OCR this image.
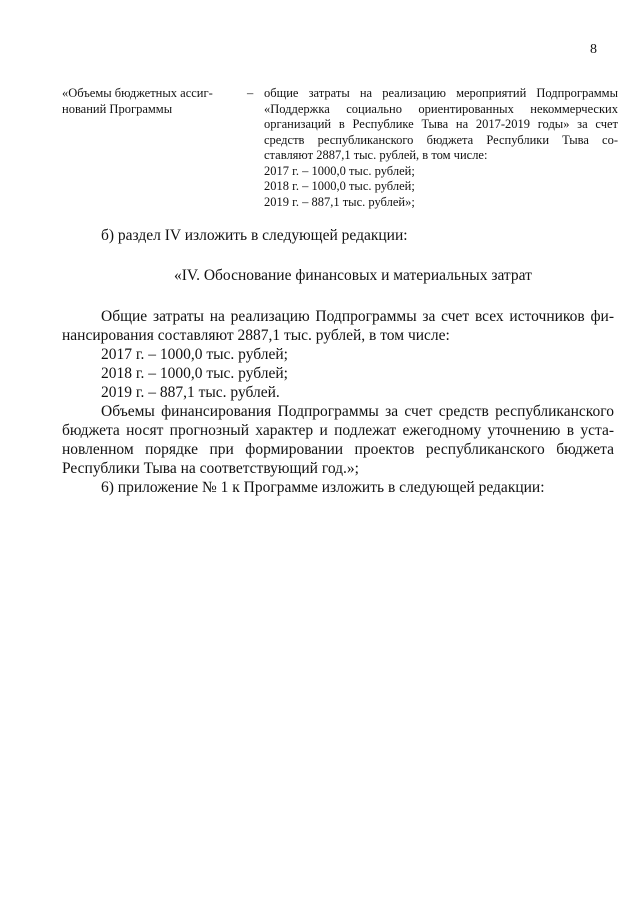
8
«Объемы бюджетных ассиг-
нований Программы
– общие затраты на реализацию мероприятий Подпрограммы
«Поддержка социально ориентированных некоммерческих
организаций в Республике Тыва на 2017-2019 годы» за счет
средств республиканского бюджета Республики Тыва со-
ставляют 2887,1 тыс. рублей, в том числе:
2017 г. – 1000,0 тыс. рублей;
2018 г. – 1000,0 тыс. рублей;
2019 г. – 887,1 тыс. рублей»;
б) раздел IV изложить в следующей редакции:
«IV. Обоснование финансовых и материальных затрат
Общие затраты на реализацию Подпрограммы за счет всех источников фи-
нансирования составляют 2887,1 тыс. рублей, в том числе:
2017 г. – 1000,0 тыс. рублей;
2018 г. – 1000,0 тыс. рублей;
2019 г. – 887,1 тыс. рублей.
Объемы финансирования Подпрограммы за счет средств республиканского
бюджета носят прогнозный характер и подлежат ежегодному уточнению в уста-
новленном порядке при формировании проектов республиканского бюджета
Республики Тыва на соответствующий год.»;
6) приложение № 1 к Программе изложить в следующей редакции:
